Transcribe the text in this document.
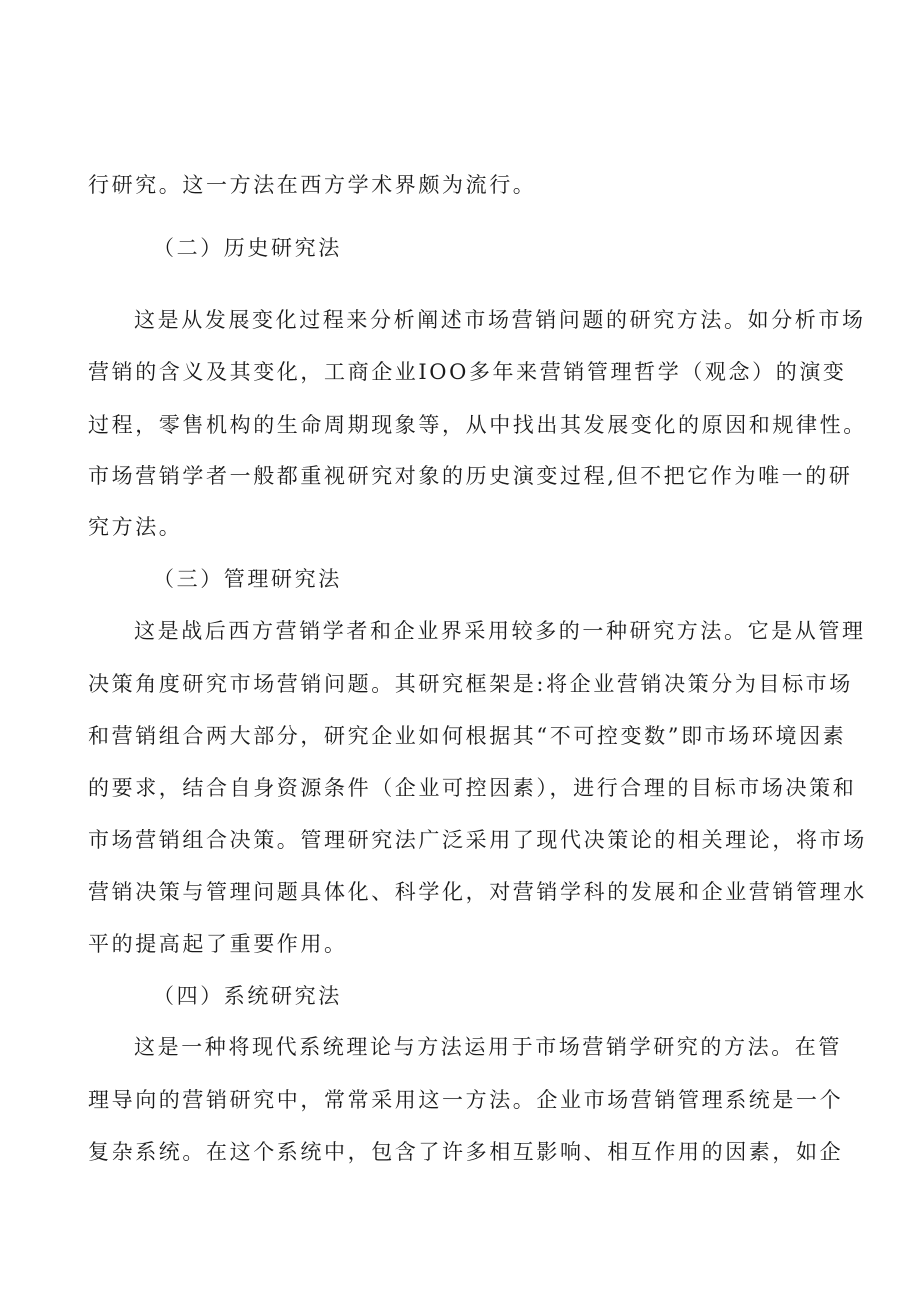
行研究。这一方法在西方学术界颇为流行。
（二）历史研究法
这是从发展变化过程来分析阐述市场营销问题的研究方法。如分析市场
营销的含义及其变化，工商企业IOO多年来营销管理哲学（观念）的演变
过程，零售机构的生命周期现象等，从中找出其发展变化的原因和规律性。
市场营销学者一般都重视研究对象的历史演变过程,但不把它作为唯一的研
究方法。
（三）管理研究法
这是战后西方营销学者和企业界采用较多的一种研究方法。它是从管理
决策角度研究市场营销问题。其研究框架是:将企业营销决策分为目标市场
和营销组合两大部分，研究企业如何根据其“不可控变数”即市场环境因素
的要求，结合自身资源条件（企业可控因素），进行合理的目标市场决策和
市场营销组合决策。管理研究法广泛采用了现代决策论的相关理论，将市场
营销决策与管理问题具体化、科学化，对营销学科的发展和企业营销管理水
平的提高起了重要作用。
（四）系统研究法
这是一种将现代系统理论与方法运用于市场营销学研究的方法。在管
理导向的营销研究中，常常采用这一方法。企业市场营销管理系统是一个
复杂系统。在这个系统中，包含了许多相互影响、相互作用的因素，如企
